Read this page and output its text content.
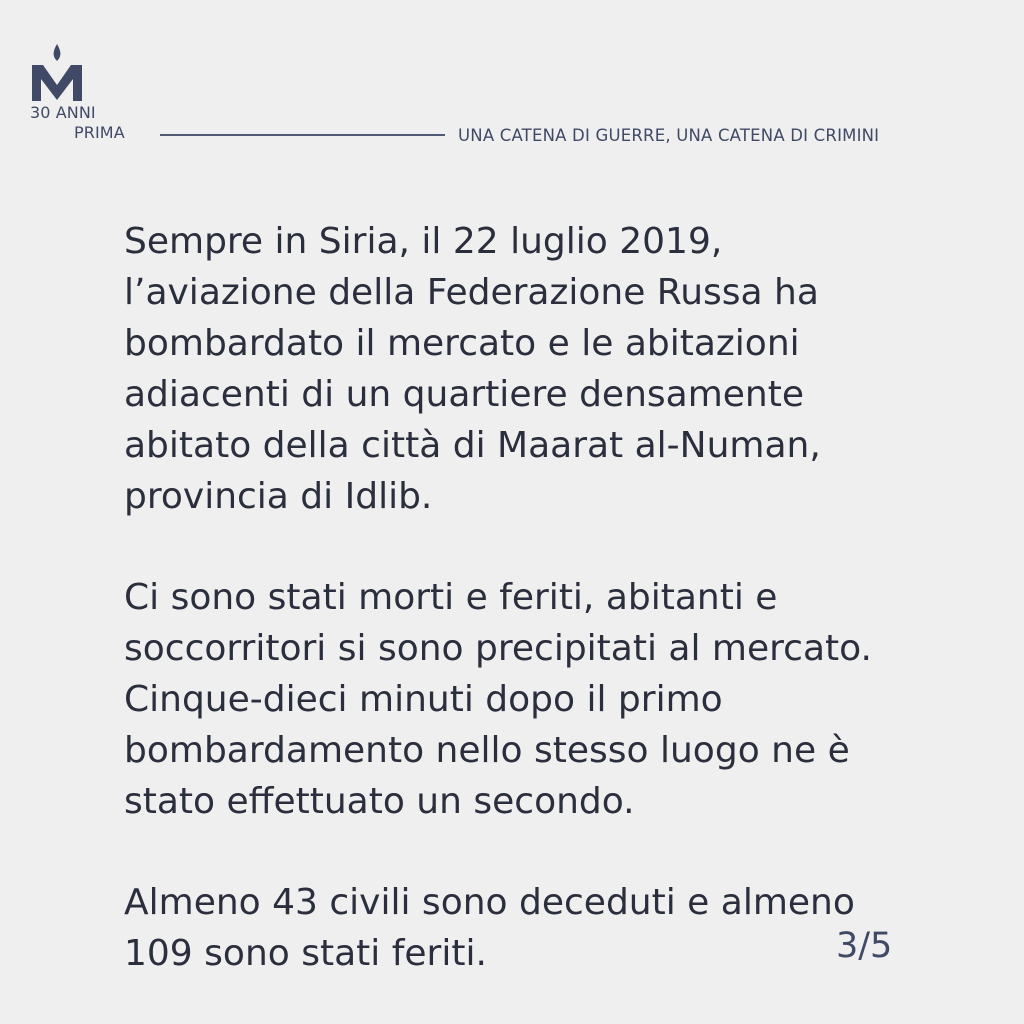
30 ANNI
PRIMA	UNA CATENA DI GUERRE, UNA CATENA DI CRIMINI

Sempre in Siria, il 22 luglio 2019, l’aviazione della Federazione Russa ha bombardato il mercato e le abitazioni adiacenti di un quartiere densamente abitato della città di Maarat al-Numan, provincia di Idlib.

Ci sono stati morti e feriti, abitanti e soccorritori si sono precipitati al mercato. Cinque-dieci minuti dopo il primo bombardamento nello stesso luogo ne è stato effettuato un secondo.

Almeno 43 civili sono deceduti e almeno 109 sono stati feriti.	3/5
